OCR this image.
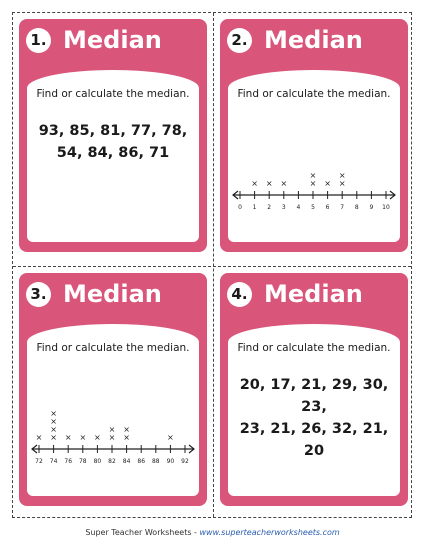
1. Median
Find or calculate the median.
93, 85, 81, 77, 78,
54, 84, 86, 71
2. Median
Find or calculate the median.
0 1
×
2
×
3
×
4 5
×
×
6
×
7
×
×
8 9 10
3. Median
Find or calculate the median.
72
×
74
×
×
×
×
76
×
78
×
80
×
82
×
×
84
×
×
86 88 90
×
92
4. Median
Find or calculate the median.
20, 17, 21, 29, 30, 23,
23, 21, 26, 32, 21, 20
Super Teacher Worksheets - www.superteacherworksheets.com
